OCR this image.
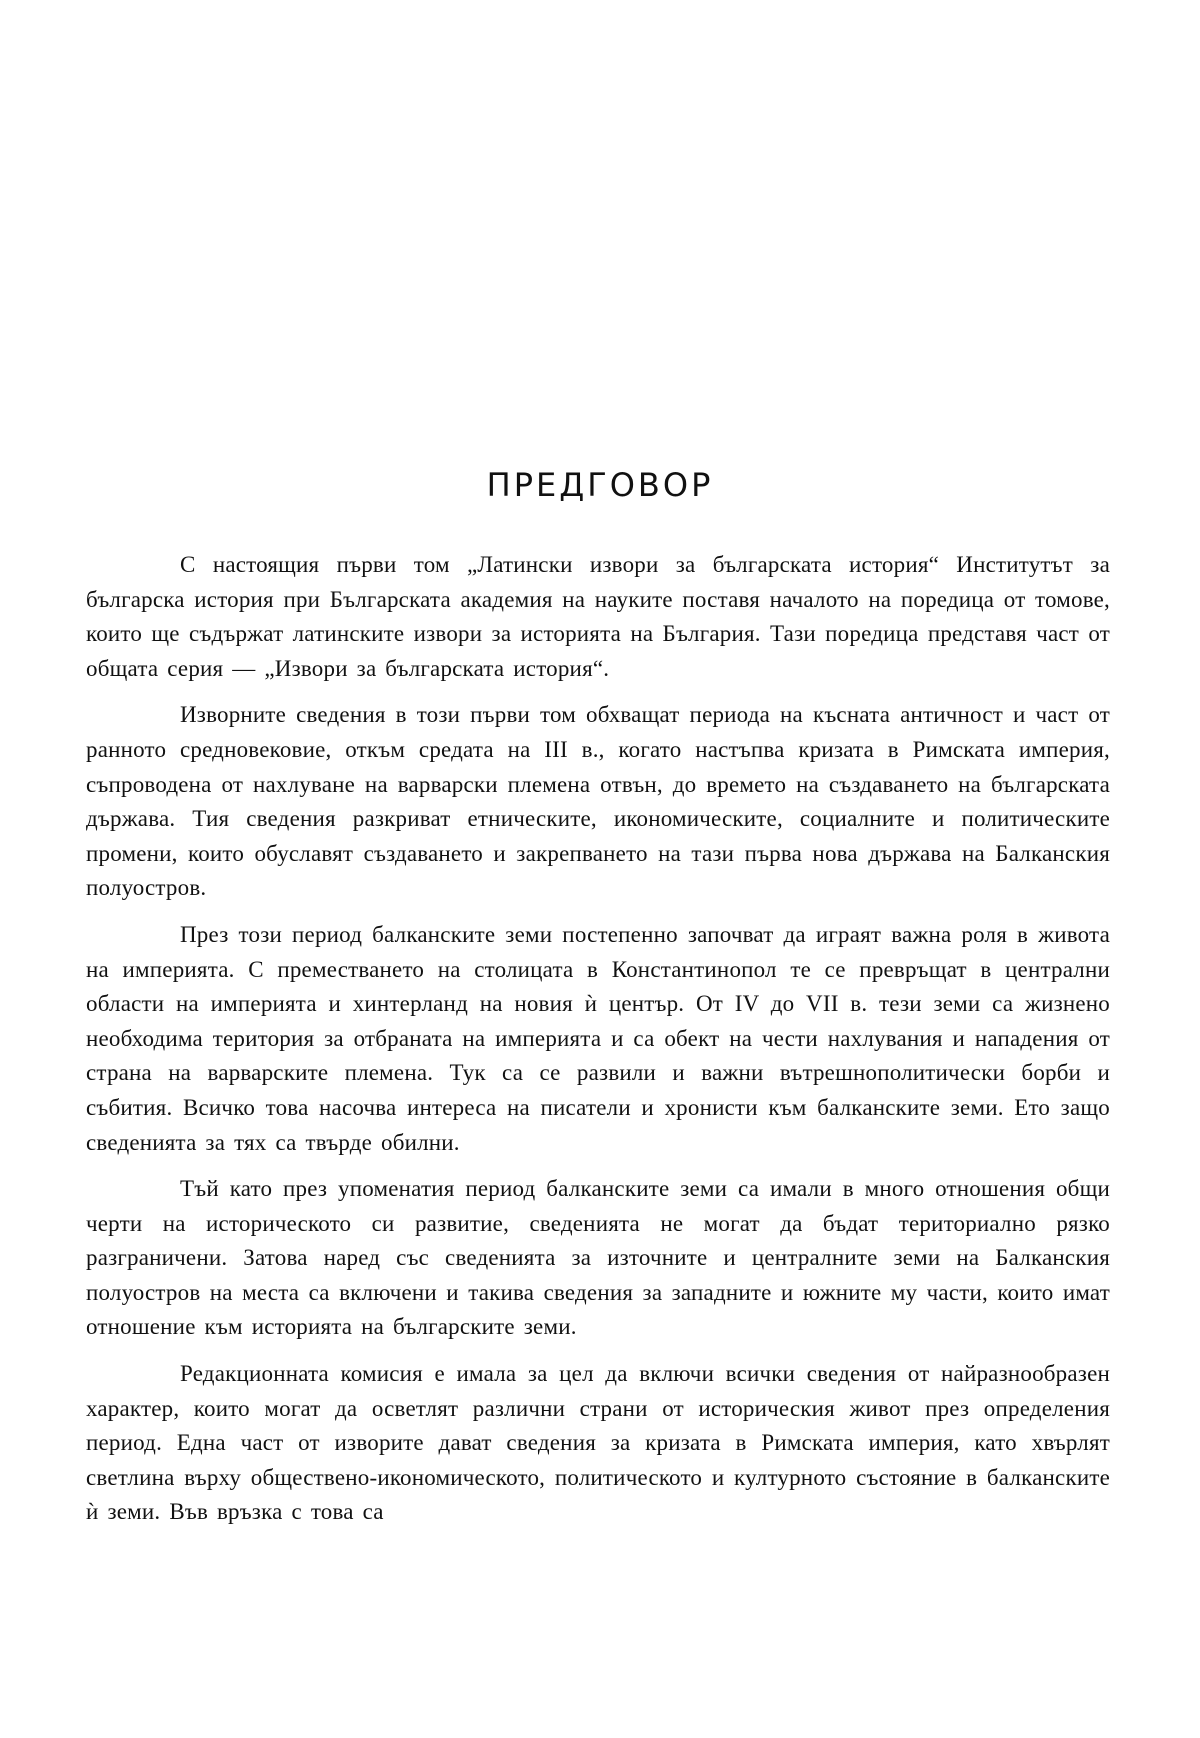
ПРЕДГОВОР

С настоящия първи том „Латински извори за българската история“ Институтът за българска история при Българската академия на науките поставя началото на поредица от томове, които ще съдържат латинските извори за историята на България. Тази поредица представя част от общата серия — „Извори за българската история“.

Изворните сведения в този първи том обхващат периода на късната античност и част от ранното средновековие, откъм средата на III в., когато настъпва кризата в Римската империя, съпроводена от нахлуване на варварски племена отвън, до времето на създаването на българската държава. Тия сведения разкриват етническите, икономическите, социалните и политическите промени, които обуславят създаването и закрепването на тази първа нова държава на Балканския полуостров.

През този период балканските земи постепенно започват да играят важна роля в живота на империята. С преместването на столицата в Константинопол те се превръщат в централни области на империята и хинтерланд на новия ѝ център. От IV до VII в. тези земи са жизнено необходима територия за отбраната на империята и са обект на чести нахлувания и нападения от страна на варварските племена. Тук са се развили и важни вътрешнополитически борби и събития. Всичко това насочва интереса на писатели и хронисти към балканските земи. Ето защо сведенията за тях са твърде обилни.

Тъй като през упоменатия период балканските земи са имали в много отношения общи черти на историческото си развитие, сведенията не могат да бъдат териториално рязко разграничени. Затова наред със сведенията за източните и централните земи на Балканския полуостров на места са включени и такива сведения за западните и южните му части, които имат отношение към историята на българските земи.

Редакционната комисия е имала за цел да включи всички сведения от найразнообразен характер, които могат да осветлят различни страни от историческия живот през определения период. Една част от изворите дават сведения за кризата в Римската империя, като хвърлят светлина върху обществено-икономическото, политическото и културното състояние в балканските ѝ земи. Във връзка с това са
